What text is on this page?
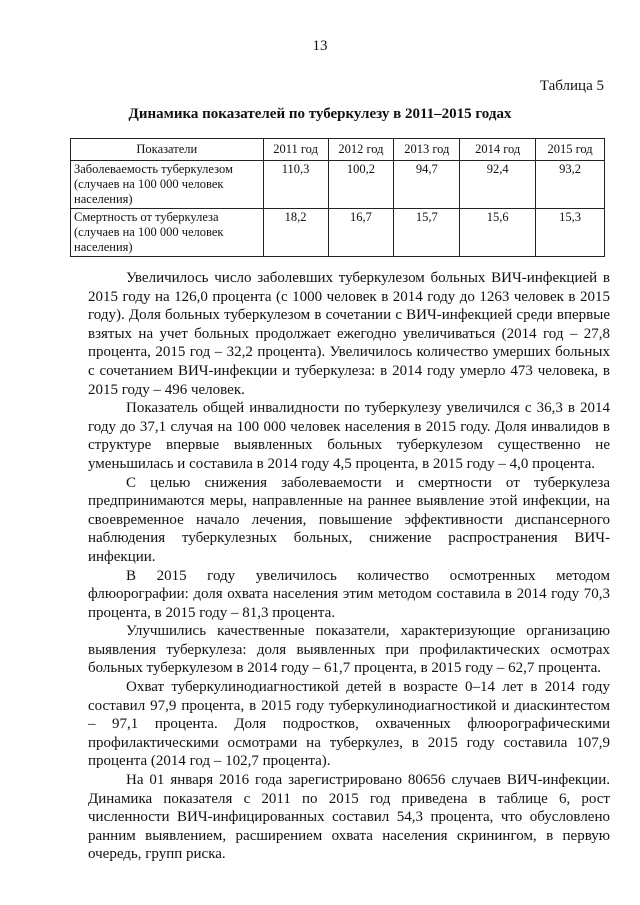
13
Таблица 5
Динамика показателей по туберкулезу в 2011–2015 годах
Показатели	2011 год	2012 год	2013 год	2014 год	2015 год
Заболеваемость туберкулезом (случаев на 100 000 человек населения)	110,3	100,2	94,7	92,4	93,2
Смертность от туберкулеза (случаев на 100 000 человек населения)	18,2	16,7	15,7	15,6	15,3

Увеличилось число заболевших туберкулезом больных ВИЧ-инфекцией в 2015 году на 126,0 процента (с 1000 человек в 2014 году до 1263 человек в 2015 году). Доля больных туберкулезом в сочетании с ВИЧ-инфекцией среди впервые взятых на учет больных продолжает ежегодно увеличиваться (2014 год – 27,8 процента, 2015 год – 32,2 процента). Увеличилось количество умерших больных с сочетанием ВИЧ-инфекции и туберкулеза: в 2014 году умерло 473 человека, в 2015 году – 496 человек.

Показатель общей инвалидности по туберкулезу увеличился с 36,3 в 2014 году до 37,1 случая на 100 000 человек населения в 2015 году. Доля инвалидов в структуре впервые выявленных больных туберкулезом существенно не уменьшилась и составила в 2014 году 4,5 процента, в 2015 году – 4,0 процента.

С целью снижения заболеваемости и смертности от туберкулеза предпринимаются меры, направленные на раннее выявление этой инфекции, на своевременное начало лечения, повышение эффективности диспансерного наблюдения туберкулезных больных, снижение распространения ВИЧ-инфекции.

В 2015 году увеличилось количество осмотренных методом флюорографии: доля охвата населения этим методом составила в 2014 году 70,3 процента, в 2015 году – 81,3 процента.

Улучшились качественные показатели, характеризующие организацию выявления туберкулеза: доля выявленных при профилактических осмотрах больных туберкулезом в 2014 году – 61,7 процента, в 2015 году – 62,7 процента.

Охват туберкулинодиагностикой детей в возрасте 0–14 лет в 2014 году составил 97,9 процента, в 2015 году туберкулинодиагностикой и диаскинтестом – 97,1 процента. Доля подростков, охваченных флюорографическими профилактическими осмотрами на туберкулез, в 2015 году составила 107,9 процента (2014 год – 102,7 процента).

На 01 января 2016 года зарегистрировано 80656 случаев ВИЧ-инфекции. Динамика показателя с 2011 по 2015 год приведена в таблице 6, рост численности ВИЧ-инфицированных составил 54,3 процента, что обусловлено ранним выявлением, расширением охвата населения скринингом, в первую очередь, групп риска.
